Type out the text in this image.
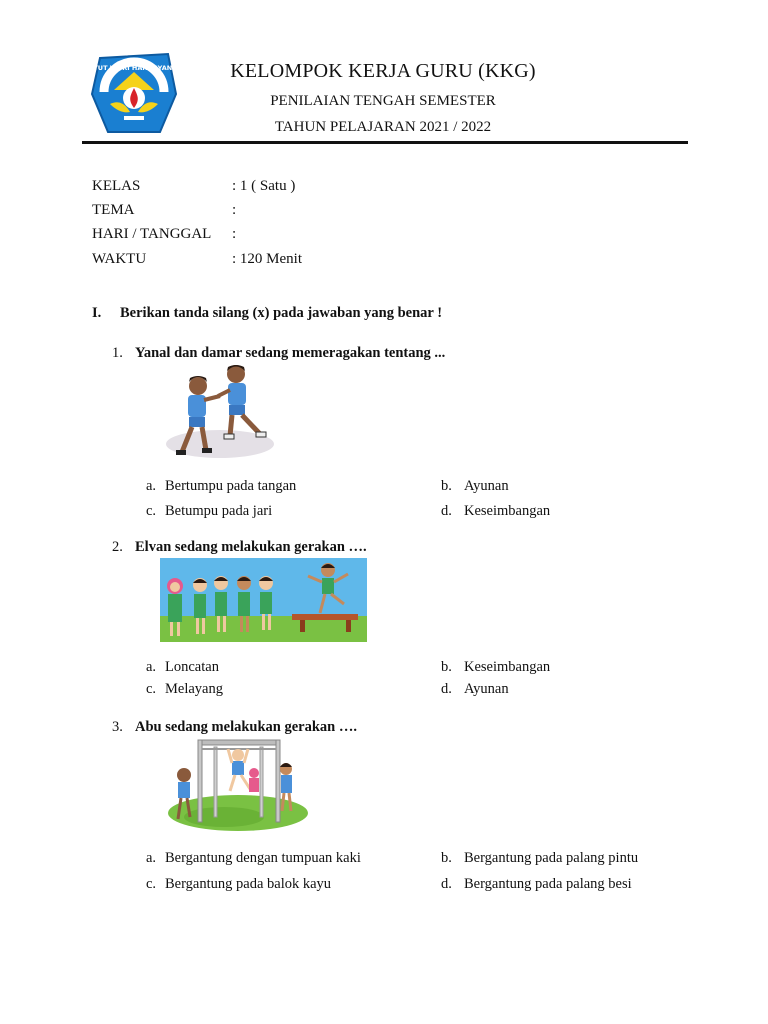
TUT WURI HANDAYANI	KELOMPOK KERJA GURU (KKG)
PENILAIAN TENGAH SEMESTER
TAHUN PELAJARAN 2021 / 2022
KELAS	: 1 ( Satu )
TEMA	:
HARI / TANGGAL	:
WAKTU	: 120 Menit
I. Berikan tanda silang (x) pada jawaban yang benar !
1. Yanal dan damar sedang memeragakan tentang ...
a. Bertumpu pada tangan	b. Ayunan
c. Betumpu pada jari	d. Keseimbangan
2. Elvan sedang melakukan gerakan ….
a. Loncatan	b. Keseimbangan
c. Melayang	d. Ayunan
3. Abu sedang melakukan gerakan ….
a. Bergantung dengan tumpuan kaki	b. Bergantung pada palang pintu
c. Bergantung pada balok kayu	d. Bergantung pada palang besi
